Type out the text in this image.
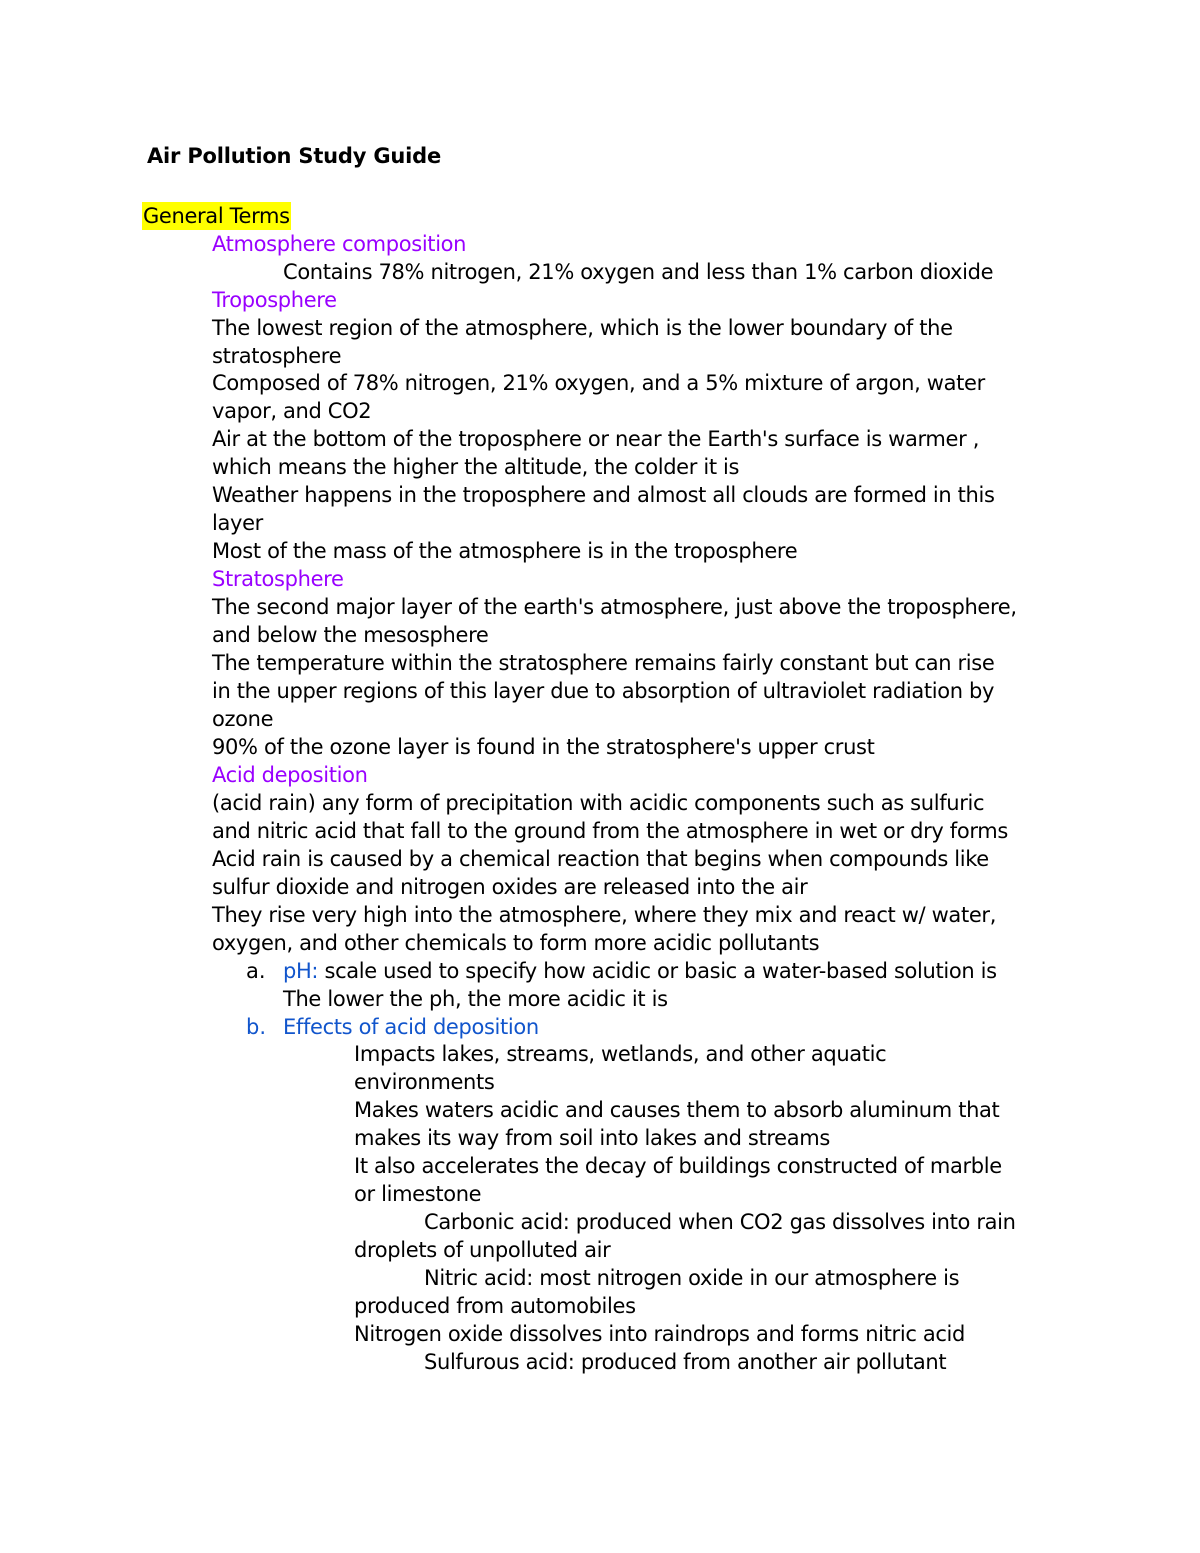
Air Pollution Study Guide
General Terms
Atmosphere composition
Contains 78% nitrogen, 21% oxygen and less than 1% carbon dioxide
Troposphere
The lowest region of the atmosphere, which is the lower boundary of the
stratosphere
Composed of 78% nitrogen, 21% oxygen, and a 5% mixture of argon, water
vapor, and CO2
Air at the bottom of the troposphere or near the Earth's surface is warmer ,
which means the higher the altitude, the colder it is
Weather happens in the troposphere and almost all clouds are formed in this
layer
Most of the mass of the atmosphere is in the troposphere
Stratosphere
The second major layer of the earth's atmosphere, just above the troposphere,
and below the mesosphere
The temperature within the stratosphere remains fairly constant but can rise
in the upper regions of this layer due to absorption of ultraviolet radiation by
ozone
90% of the ozone layer is found in the stratosphere's upper crust
Acid deposition
(acid rain) any form of precipitation with acidic components such as sulfuric
and nitric acid that fall to the ground from the atmosphere in wet or dry forms
Acid rain is caused by a chemical reaction that begins when compounds like
sulfur dioxide and nitrogen oxides are released into the air
They rise very high into the atmosphere, where they mix and react w/ water,
oxygen, and other chemicals to form more acidic pollutants
a. pH: scale used to specify how acidic or basic a water-based solution is
The lower the ph, the more acidic it is
b. Effects of acid deposition
Impacts lakes, streams, wetlands, and other aquatic
environments
Makes waters acidic and causes them to absorb aluminum that
makes its way from soil into lakes and streams
It also accelerates the decay of buildings constructed of marble
or limestone
Carbonic acid: produced when CO2 gas dissolves into rain
droplets of unpolluted air
Nitric acid: most nitrogen oxide in our atmosphere is
produced from automobiles
Nitrogen oxide dissolves into raindrops and forms nitric acid
Sulfurous acid: produced from another air pollutant
